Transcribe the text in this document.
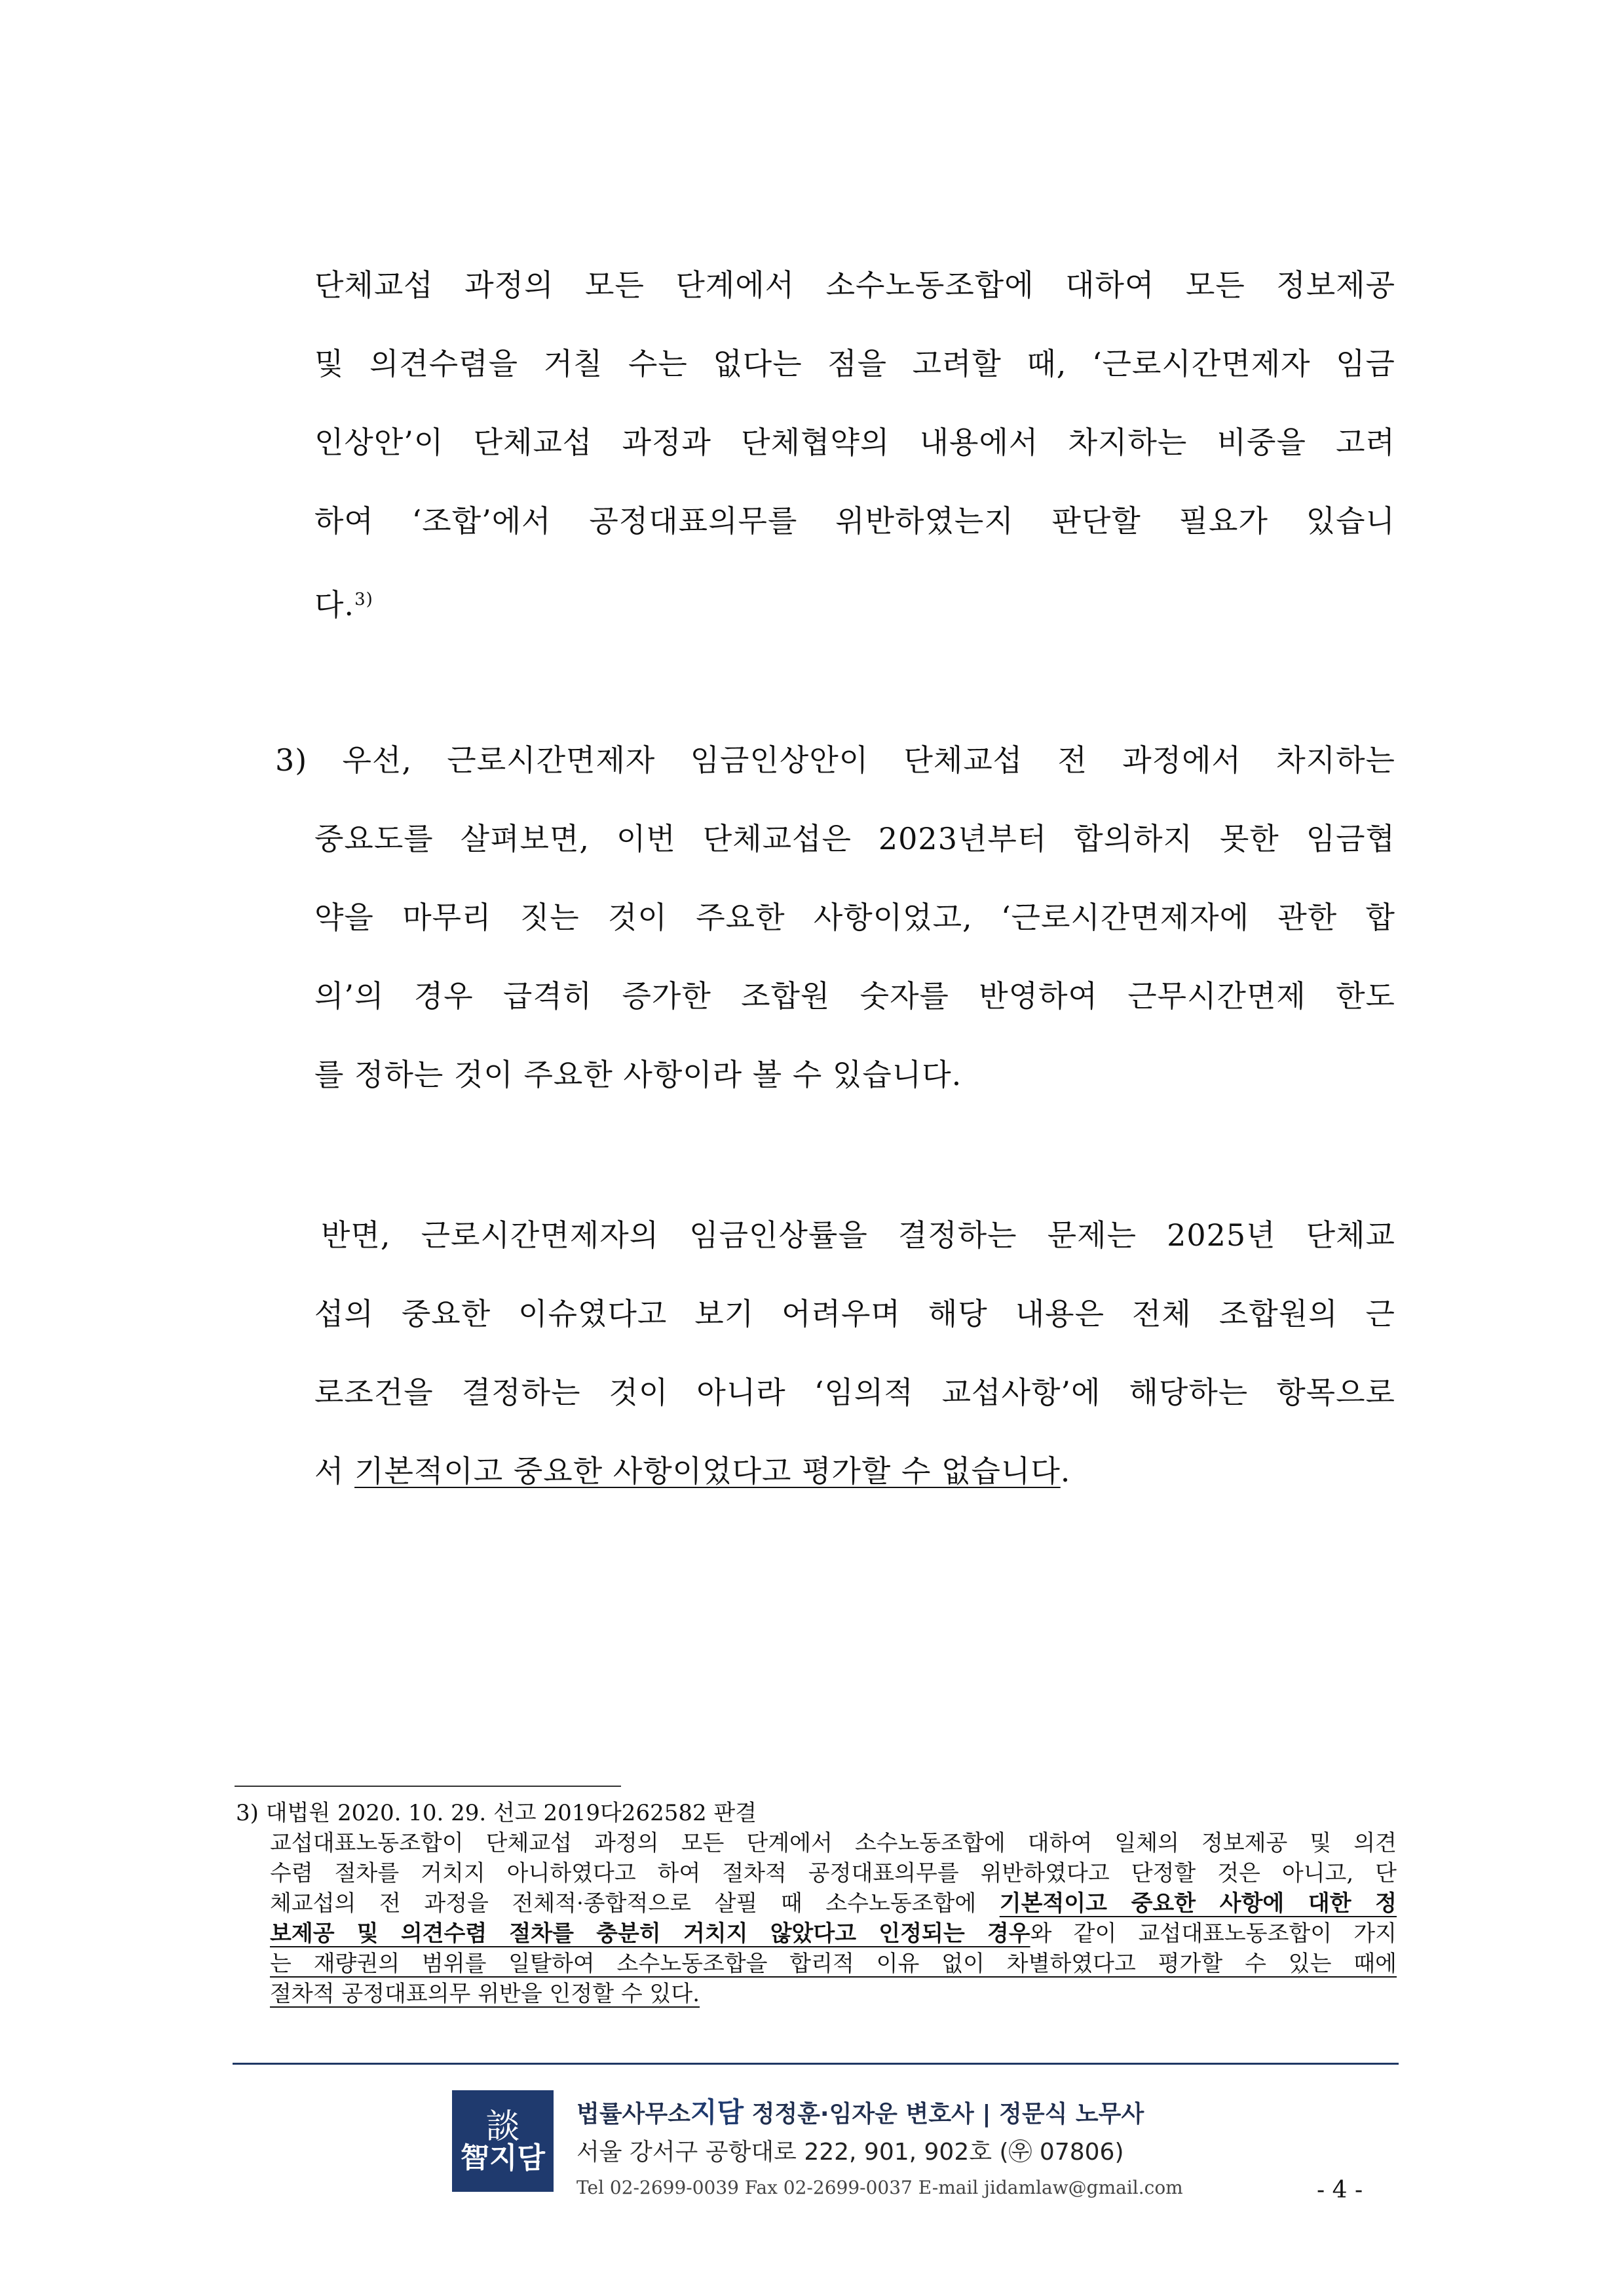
단체교섭 과정의 모든 단계에서 소수노동조합에 대하여 모든 정보제공
및 의견수렴을 거칠 수는 없다는 점을 고려할 때, ‘근로시간면제자 임금
인상안’이 단체교섭 과정과 단체협약의 내용에서 차지하는 비중을 고려
하여 ‘조합’에서 공정대표의무를 위반하였는지 판단할 필요가 있습니
다.$^{3)}$
3) 우선, 근로시간면제자 임금인상안이 단체교섭 전 과정에서 차지하는
중요도를 살펴보면, 이번 단체교섭은 2023년부터 합의하지 못한 임금협
약을 마무리 짓는 것이 주요한 사항이었고, ‘근로시간면제자에 관한 합
의’의 경우 급격히 증가한 조합원 숫자를 반영하여 근무시간면제 한도
를 정하는 것이 주요한 사항이라 볼 수 있습니다.
반면, 근로시간면제자의 임금인상률을 결정하는 문제는 2025년 단체교
섭의 중요한 이슈였다고 보기 어려우며 해당 내용은 전체 조합원의 근
로조건을 결정하는 것이 아니라 ‘임의적 교섭사항’에 해당하는 항목으로
서 기본적이고 중요한 사항이었다고 평가할 수 없습니다.
3) 대법원 2020. 10. 29. 선고 2019다262582 판결
교섭대표노동조합이 단체교섭 과정의 모든 단계에서 소수노동조합에 대하여 일체의 정보제공 및 의견
수렴 절차를 거치지 아니하였다고 하여 절차적 공정대표의무를 위반하였다고 단정할 것은 아니고, 단
체교섭의 전 과정을 전체적·종합적으로 살필 때 소수노동조합에 기본적이고 중요한 사항에 대한 정
보제공 및 의견수렴 절차를 충분히 거치지 않았다고 인정되는 경우와 같이 교섭대표노동조합이 가지
는 재량권의 범위를 일탈하여 소수노동조합을 합리적 이유 없이 차별하였다고 평가할 수 있는 때에
절차적 공정대표의무 위반을 인정할 수 있다.
談
智지담
법률사무소지담 정정훈·임자운 변호사 | 정문식 노무사
서울 강서구 공항대로 222, 901, 902호 (㉾ 07806)
Tel 02-2699-0039 Fax 02-2699-0037 E-mail jidamlaw@gmail.com	- 4 -
